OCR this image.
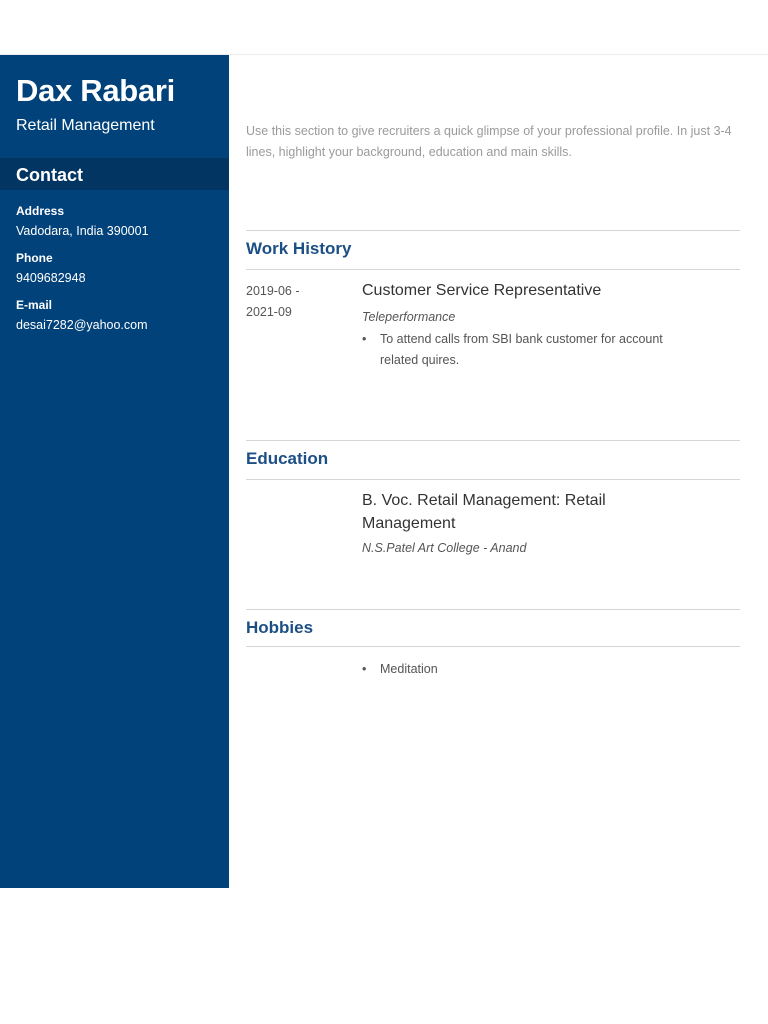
Dax Rabari
Retail Management
Contact
Address
Vadodara, India 390001
Phone
9409682948
E-mail
desai7282@yahoo.com
Use this section to give recruiters a quick glimpse of your professional profile. In just 3-4 lines, highlight your background, education and main skills.
Work History
2019-06 -
2021-09
Customer Service Representative
Teleperformance
• To attend calls from SBI bank customer for account related quires.
Education
B. Voc. Retail Management: Retail Management
N.S.Patel Art College - Anand
Hobbies
• Meditation
